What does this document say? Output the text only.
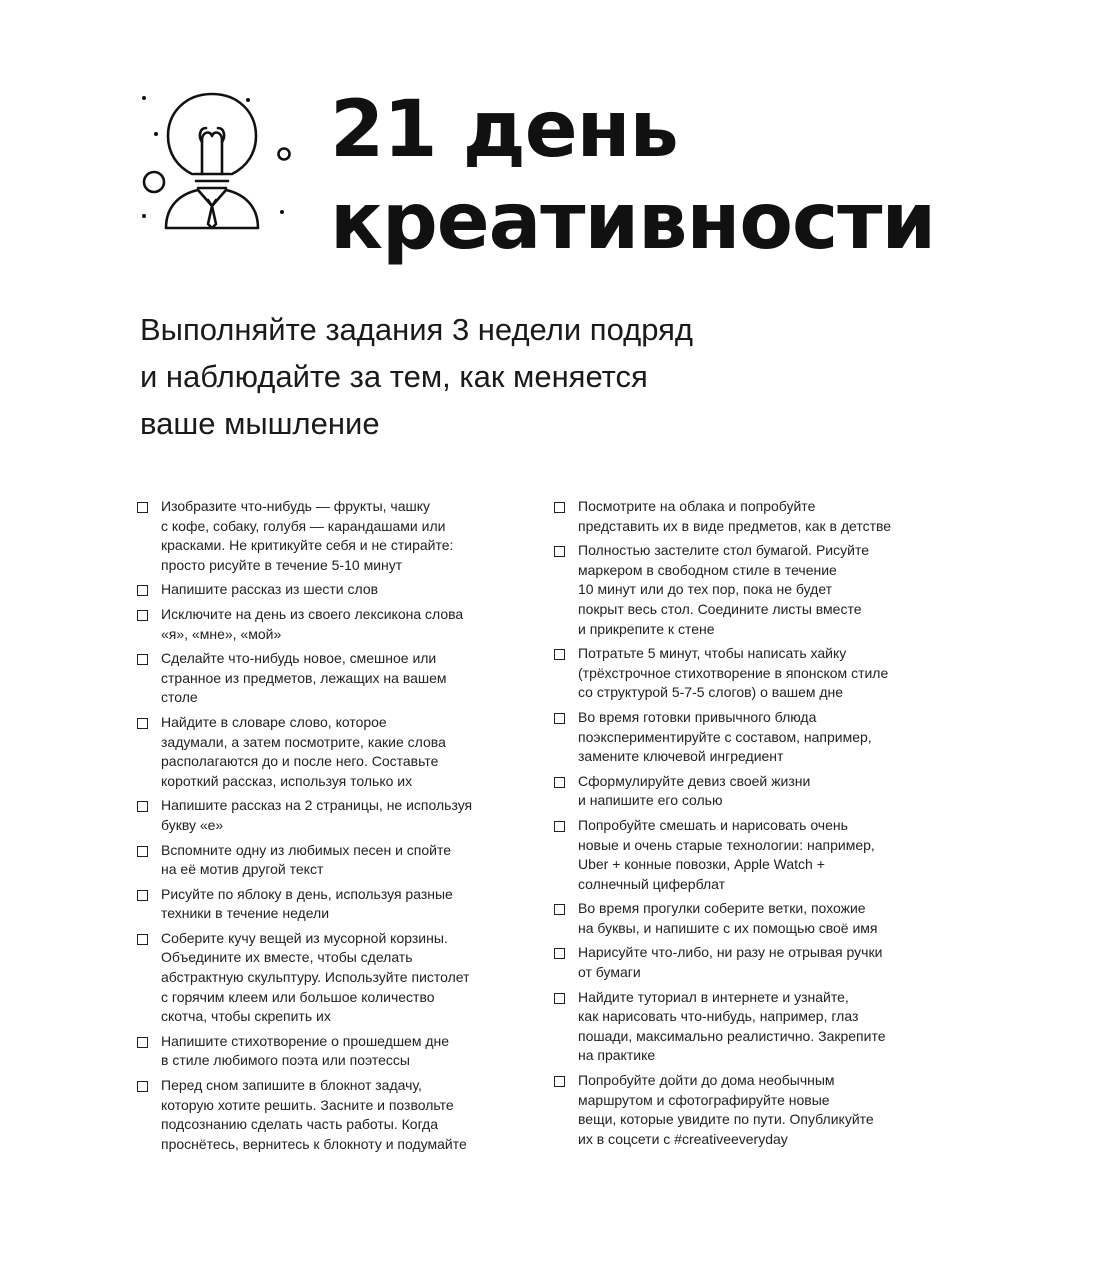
21 день
креативности

Выполняйте задания 3 недели подряд
и наблюдайте за тем, как меняется
ваше мышление

Изобразите что-нибудь — фрукты, чашку
с кофе, собаку, голубя — карандашами или
красками. Не критикуйте себя и не стирайте:
просто рисуйте в течение 5-10 минут
Напишите рассказ из шести слов
Исключите на день из своего лексикона слова
«я», «мне», «мой»
Сделайте что-нибудь новое, смешное или
странное из предметов, лежащих на вашем
столе
Найдите в словаре слово, которое
задумали, а затем посмотрите, какие слова
располагаются до и после него. Составьте
короткий рассказ, используя только их
Напишите рассказ на 2 страницы, не используя
букву «е»
Вспомните одну из любимых песен и спойте
на её мотив другой текст
Рисуйте по яблоку в день, используя разные
техники в течение недели
Соберите кучу вещей из мусорной корзины.
Объедините их вместе, чтобы сделать
абстрактную скульптуру. Используйте пистолет
с горячим клеем или большое количество
скотча, чтобы скрепить их
Напишите стихотворение о прошедшем дне
в стиле любимого поэта или поэтессы
Перед сном запишите в блокнот задачу,
которую хотите решить. Засните и позвольте
подсознанию сделать часть работы. Когда
проснётесь, вернитесь к блокноту и подумайте
Посмотрите на облака и попробуйте
представить их в виде предметов, как в детстве
Полностью застелите стол бумагой. Рисуйте
маркером в свободном стиле в течение
10 минут или до тех пор, пока не будет
покрыт весь стол. Соедините листы вместе
и прикрепите к стене
Потратьте 5 минут, чтобы написать хайку
(трёхстрочное стихотворение в японском стиле
со структурой 5-7-5 слогов) о вашем дне
Во время готовки привычного блюда
поэкспериментируйте с составом, например,
замените ключевой ингредиент
Сформулируйте девиз своей жизни
и напишите его солью
Попробуйте смешать и нарисовать очень
новые и очень старые технологии: например,
Uber + конные повозки, Apple Watch +
солнечный циферблат
Во время прогулки соберите ветки, похожие
на буквы, и напишите с их помощью своё имя
Нарисуйте что-либо, ни разу не отрывая ручки
от бумаги
Найдите туториал в интернете и узнайте,
как нарисовать что-нибудь, например, глаз
пошади, максимально реалистично. Закрепите
на практике
Попробуйте дойти до дома необычным
маршрутом и сфотографируйте новые
вещи, которые увидите по пути. Опубликуйте
их в соцсети с #creativeeveryday
